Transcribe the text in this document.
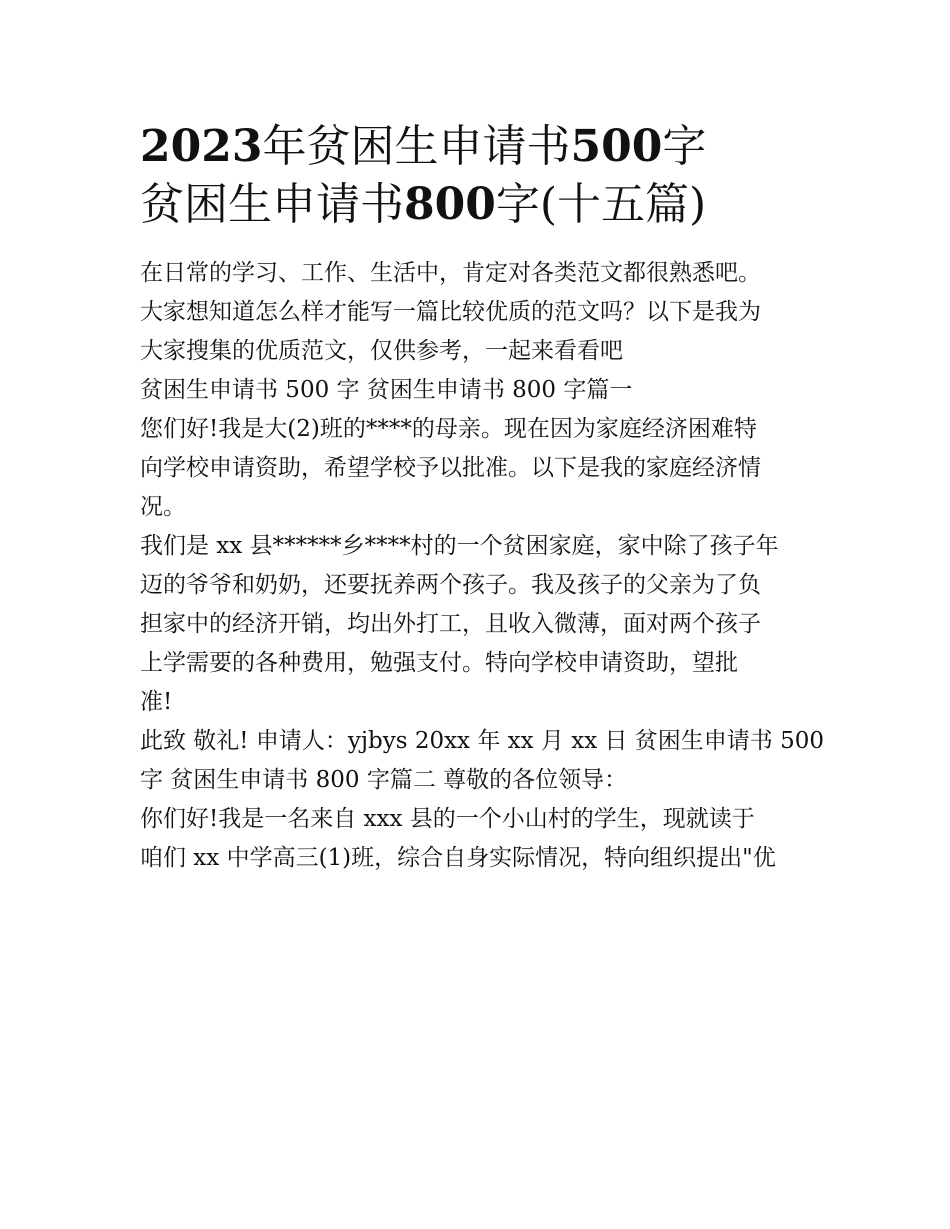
2023年贫困生申请书500字
贫困生申请书800字(十五篇)

在日常的学习、工作、生活中，肯定对各类范文都很熟悉吧。
大家想知道怎么样才能写一篇比较优质的范文吗？以下是我为
大家搜集的优质范文，仅供参考，一起来看看吧

贫困生申请书 500 字 贫困生申请书 800 字篇一

您们好!我是大(2)班的****的母亲。现在因为家庭经济困难特
向学校申请资助，希望学校予以批准。以下是我的家庭经济情
况。

我们是 xx 县******乡****村的一个贫困家庭，家中除了孩子年
迈的爷爷和奶奶，还要抚养两个孩子。我及孩子的父亲为了负
担家中的经济开销，均出外打工，且收入微薄，面对两个孩子
上学需要的各种费用，勉强支付。特向学校申请资助，望批
准!

此致 敬礼! 申请人：yjbys 20xx 年 xx 月 xx 日 贫困生申请书 500
字 贫困生申请书 800 字篇二 尊敬的各位领导：

你们好!我是一名来自 xxx 县的一个小山村的学生，现就读于
咱们 xx 中学高三(1)班，综合自身实际情况，特向组织提出"优
